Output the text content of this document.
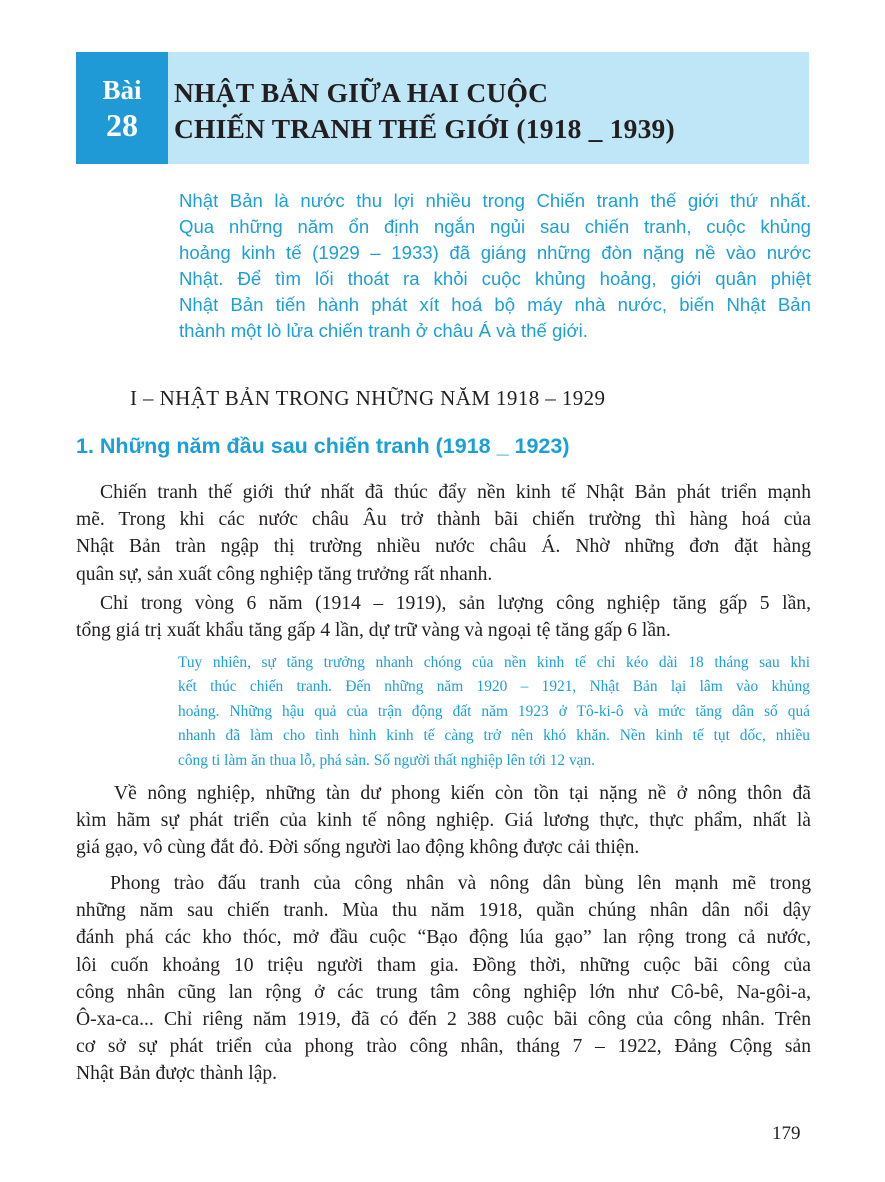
Bài
28
NHẬT BẢN GIỮA HAI CUỘC
CHIẾN TRANH THẾ GIỚI (1918 _ 1939)
Nhật Bản là nước thu lợi nhiều trong Chiến tranh thế giới thứ nhất.
Qua những năm ổn định ngắn ngủi sau chiến tranh, cuộc khủng
hoảng kinh tế (1929 – 1933) đã giáng những đòn nặng nề vào nước
Nhật. Để tìm lối thoát ra khỏi cuộc khủng hoảng, giới quân phiệt
Nhật Bản tiến hành phát xít hoá bộ máy nhà nước, biến Nhật Bản
thành một lò lửa chiến tranh ở châu Á và thế giới.
I – NHẬT BẢN TRONG NHỮNG NĂM 1918 – 1929
1. Những năm đầu sau chiến tranh (1918 _ 1923)
Chiến tranh thế giới thứ nhất đã thúc đẩy nền kinh tế Nhật Bản phát triển mạnh
mẽ. Trong khi các nước châu Âu trở thành bãi chiến trường thì hàng hoá của
Nhật Bản tràn ngập thị trường nhiều nước châu Á. Nhờ những đơn đặt hàng
quân sự, sản xuất công nghiệp tăng trưởng rất nhanh.
Chỉ trong vòng 6 năm (1914 – 1919), sản lượng công nghiệp tăng gấp 5 lần,
tổng giá trị xuất khẩu tăng gấp 4 lần, dự trữ vàng và ngoại tệ tăng gấp 6 lần.
Tuy nhiên, sự tăng trưởng nhanh chóng của nền kinh tế chỉ kéo dài 18 tháng sau khi
kết thúc chiến tranh. Đến những năm 1920 – 1921, Nhật Bản lại lâm vào khủng
hoảng. Những hậu quả của trận động đất năm 1923 ở Tô-ki-ô và mức tăng dân số quá
nhanh đã làm cho tình hình kinh tế càng trở nên khó khăn. Nền kinh tế tụt dốc, nhiều
công ti làm ăn thua lỗ, phá sản. Số người thất nghiệp lên tới 12 vạn.
Về nông nghiệp, những tàn dư phong kiến còn tồn tại nặng nề ở nông thôn đã
kìm hãm sự phát triển của kinh tế nông nghiệp. Giá lương thực, thực phẩm, nhất là
giá gạo, vô cùng đắt đỏ. Đời sống người lao động không được cải thiện.
Phong trào đấu tranh của công nhân và nông dân bùng lên mạnh mẽ trong
những năm sau chiến tranh. Mùa thu năm 1918, quần chúng nhân dân nổi dậy
đánh phá các kho thóc, mở đầu cuộc “Bạo động lúa gạo” lan rộng trong cả nước,
lôi cuốn khoảng 10 triệu người tham gia. Đồng thời, những cuộc bãi công của
công nhân cũng lan rộng ở các trung tâm công nghiệp lớn như Cô-bê, Na-gôi-a,
Ô-xa-ca... Chỉ riêng năm 1919, đã có đến 2 388 cuộc bãi công của công nhân. Trên
cơ sở sự phát triển của phong trào công nhân, tháng 7 – 1922, Đảng Cộng sản
Nhật Bản được thành lập.
179
